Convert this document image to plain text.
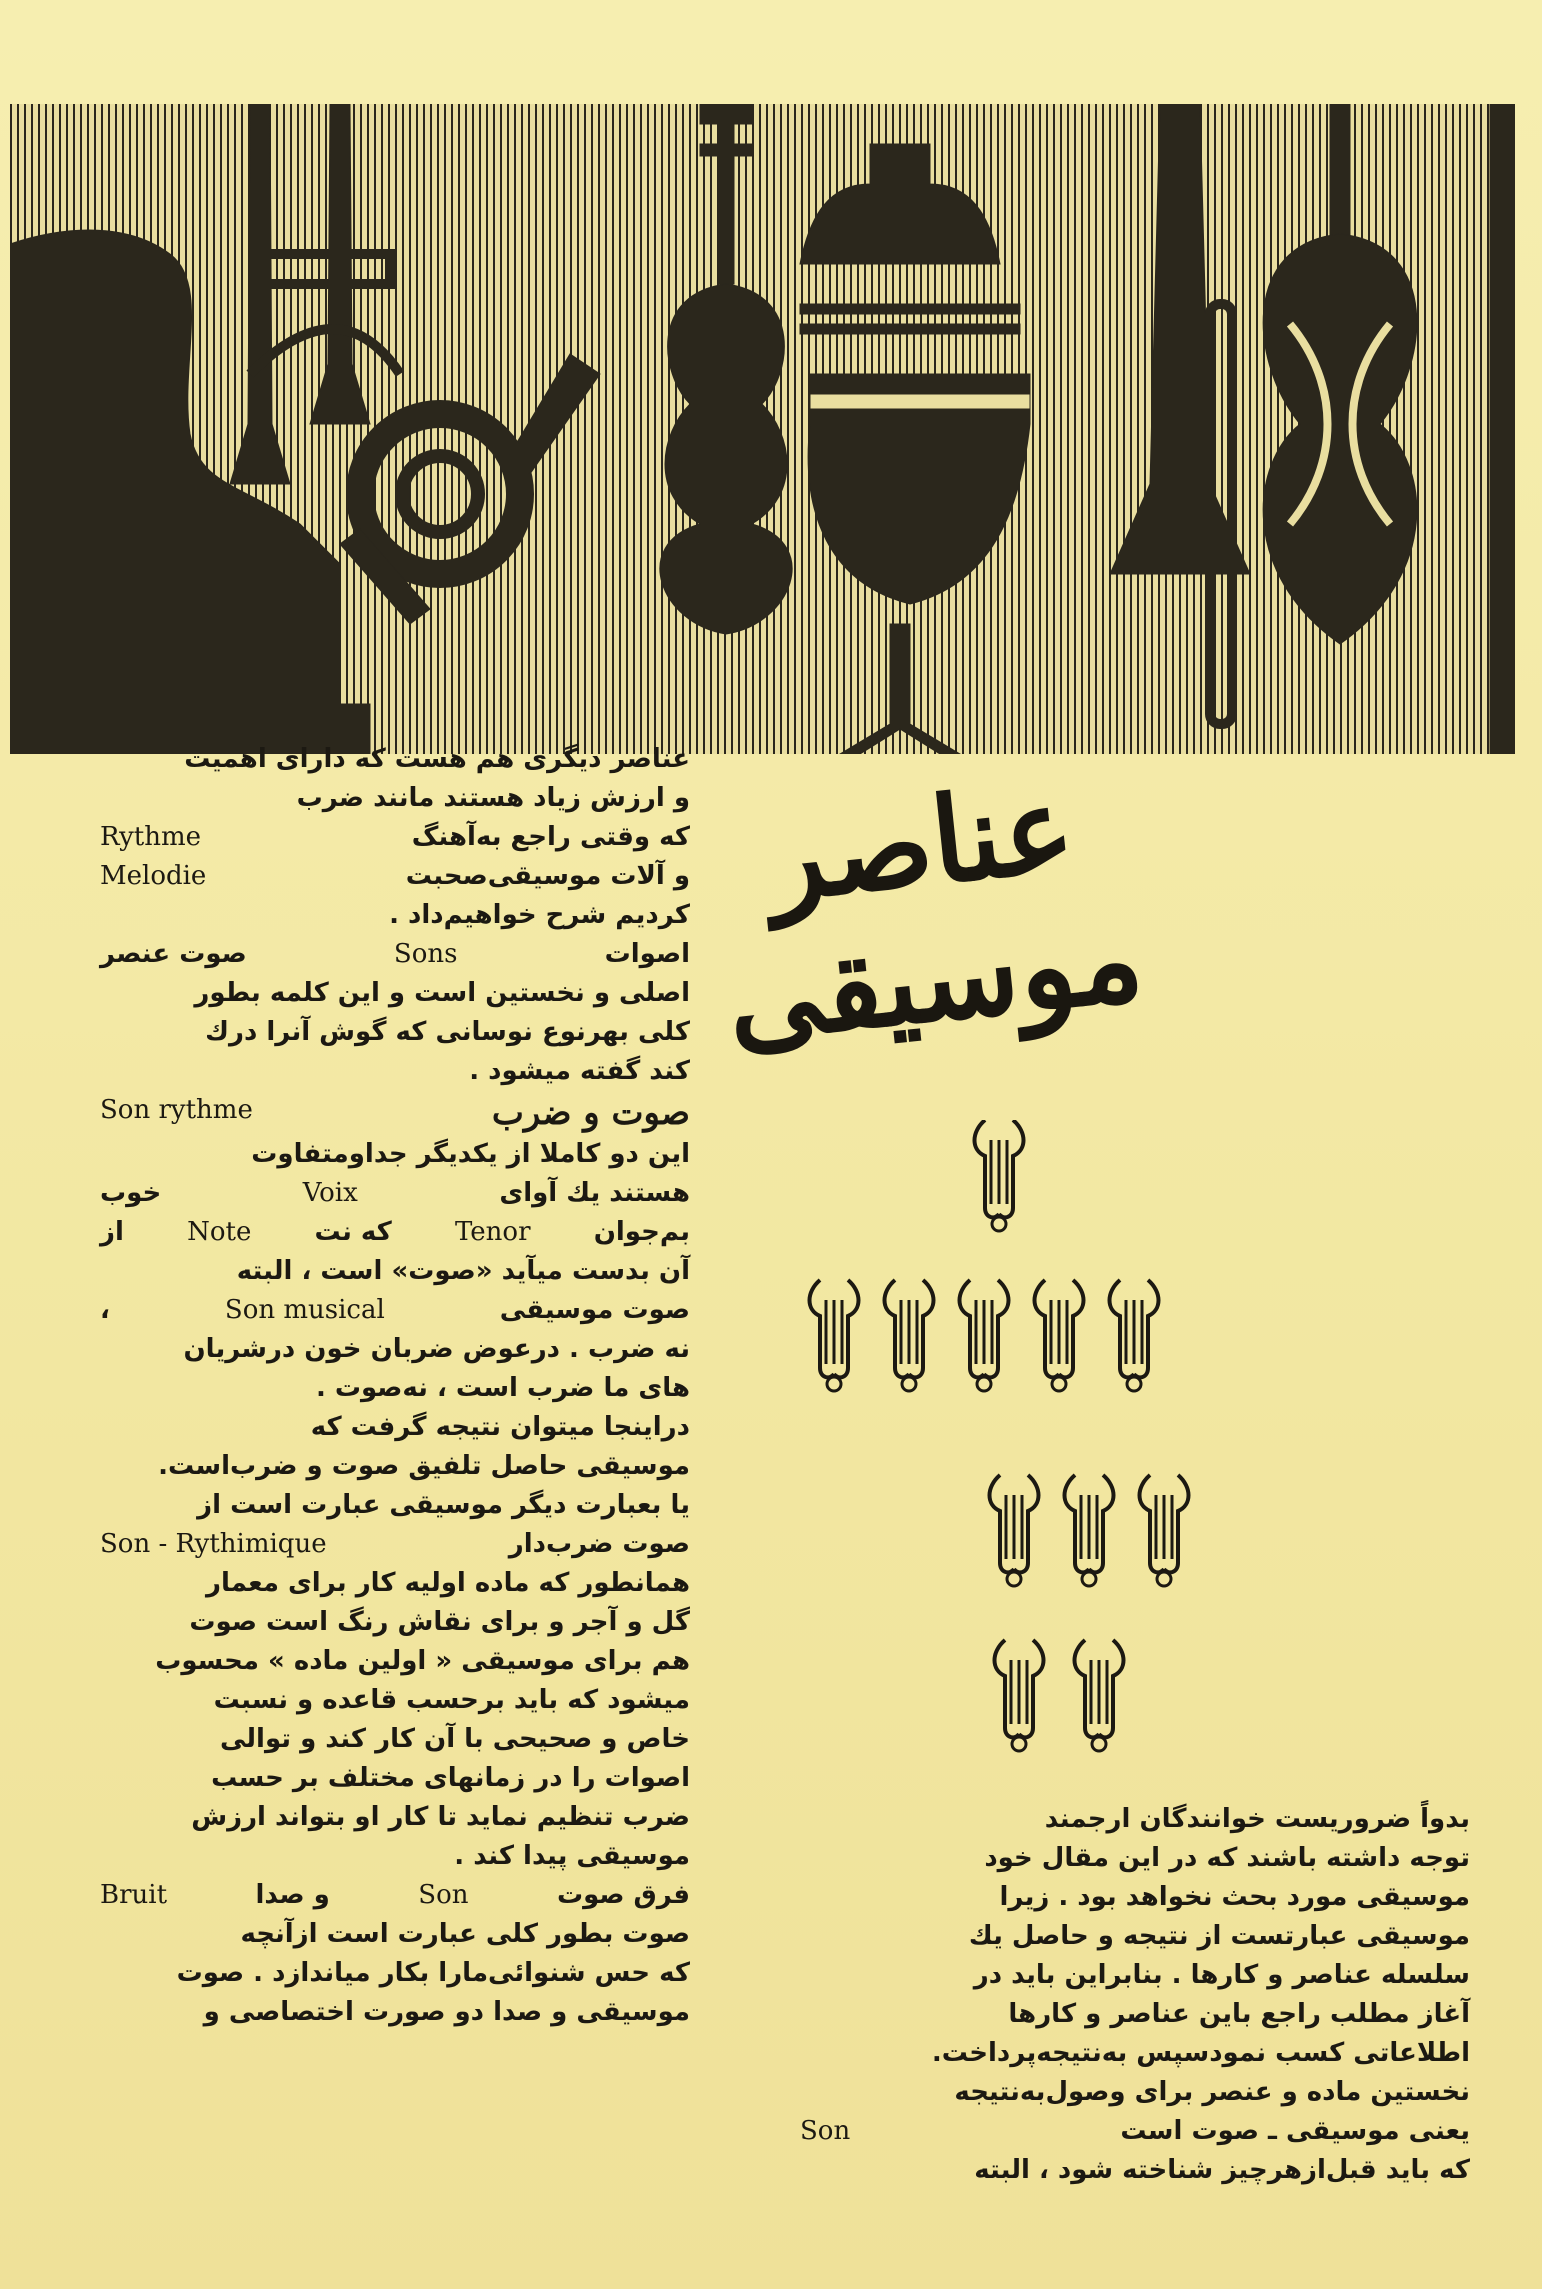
عناصر موسیقی

عناصر دیگری هم هست که دارای اهمیت

و ارزش زیاد هستند مانند ضرب

که وقتی راجع به‌آهنگ
Rythme
و آلات موسیقی‌صحبت
Melodie

کردیم شرح خواهیم‌داد .

اصوات
Sons
صوت عنصر

اصلی و نخستین است و این کلمه بطور

کلی بهرنوع نوسانی که گوش آنرا درك

کند گفته میشود .

صوت و ضرب
Son rythme

این دو کاملا از یکدیگر جداومتفاوت

هستند یك آوای
Voix
خوب
بم‌جوان
Tenor
که نت
Note
از

آن بدست میآید «صوت» است ، البته

صوت موسیقی
Son musical
،

نه ضرب . درعوض ضربان خون درشریان

های ما ضرب است ، نه‌صوت .

دراینجا میتوان نتیجه گرفت که

موسیقی حاصل تلفیق صوت و ضرب‌است.

یا بعبارت دیگر موسیقی عبارت است از

صوت ضرب‌دار
Son - Rythimique

همانطور که ماده اولیه کار برای معمار

گل و آجر و برای نقاش رنگ است صوت

هم برای موسیقی « اولین ماده » محسوب

میشود که باید برحسب قاعده و نسبت

خاص و صحیحی با آن کار کند و توالی

اصوات را در زمانهای مختلف بر حسب

ضرب تنظیم نماید تا کار او بتواند ارزش

موسیقی پیدا کند .

فرق صوت
Son
و صدا
Bruit

صوت بطور کلی عبارت است ازآنچه

که حس شنوائی‌مارا بکار میاندازد . صوت

موسیقی و صدا دو صورت اختصاصی و

بدواً ضروریست خوانندگان ارجمند

توجه داشته باشند که در این مقال خود

موسیقی مورد بحث نخواهد بود . زیرا

موسیقی عبارتست از نتیجه و حاصل یك

سلسله عناصر و کارها . بنابراین باید در

آغاز مطلب راجع باین عناصر و کارها

اطلاعاتی کسب نمودسپس به‌نتیجه‌پرداخت.

نخستین ماده و عنصر برای وصول‌به‌نتیجه

یعنی موسیقی ـ صوت است
Son

که باید قبل‌ازهرچیز شناخته شود ، البته
